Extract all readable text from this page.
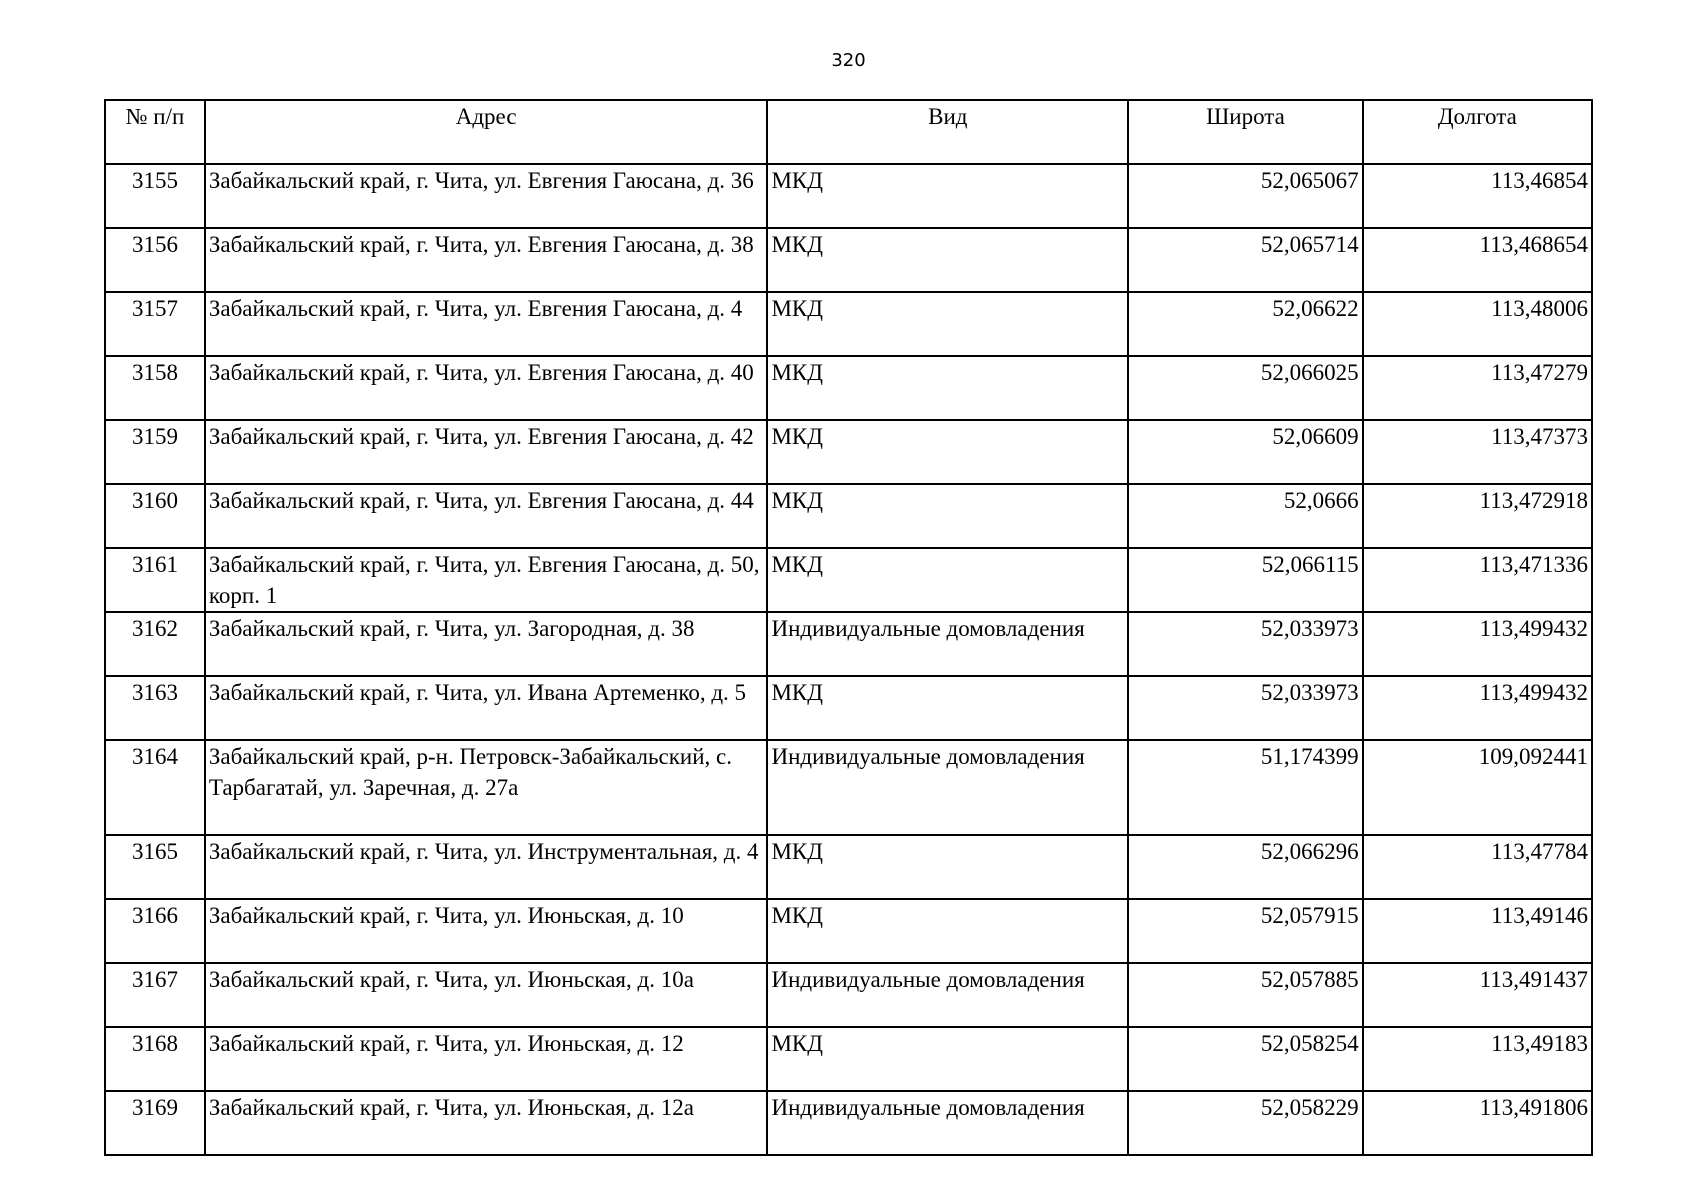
320
№ п/п	Адрес	Вид	Широта	Долгота
3155	Забайкальский край, г. Чита, ул. Евгения Гаюсана, д. 36	МКД	52,065067	113,46854
3156	Забайкальский край, г. Чита, ул. Евгения Гаюсана, д. 38	МКД	52,065714	113,468654
3157	Забайкальский край, г. Чита, ул. Евгения Гаюсана, д. 4	МКД	52,06622	113,48006
3158	Забайкальский край, г. Чита, ул. Евгения Гаюсана, д. 40	МКД	52,066025	113,47279
3159	Забайкальский край, г. Чита, ул. Евгения Гаюсана, д. 42	МКД	52,06609	113,47373
3160	Забайкальский край, г. Чита, ул. Евгения Гаюсана, д. 44	МКД	52,0666	113,472918
3161	Забайкальский край, г. Чита, ул. Евгения Гаюсана, д. 50, корп. 1	МКД	52,066115	113,471336
3162	Забайкальский край, г. Чита, ул. Загородная, д. 38	Индивидуальные домовладения	52,033973	113,499432
3163	Забайкальский край, г. Чита, ул. Ивана Артеменко, д. 5	МКД	52,033973	113,499432
3164	Забайкальский край, р-н. Петровск-Забайкальский, с. Тарбагатай, ул. Заречная, д. 27а	Индивидуальные домовладения	51,174399	109,092441
3165	Забайкальский край, г. Чита, ул. Инструментальная, д. 4	МКД	52,066296	113,47784
3166	Забайкальский край, г. Чита, ул. Июньская, д. 10	МКД	52,057915	113,49146
3167	Забайкальский край, г. Чита, ул. Июньская, д. 10а	Индивидуальные домовладения	52,057885	113,491437
3168	Забайкальский край, г. Чита, ул. Июньская, д. 12	МКД	52,058254	113,49183
3169	Забайкальский край, г. Чита, ул. Июньская, д. 12а	Индивидуальные домовладения	52,058229	113,491806
